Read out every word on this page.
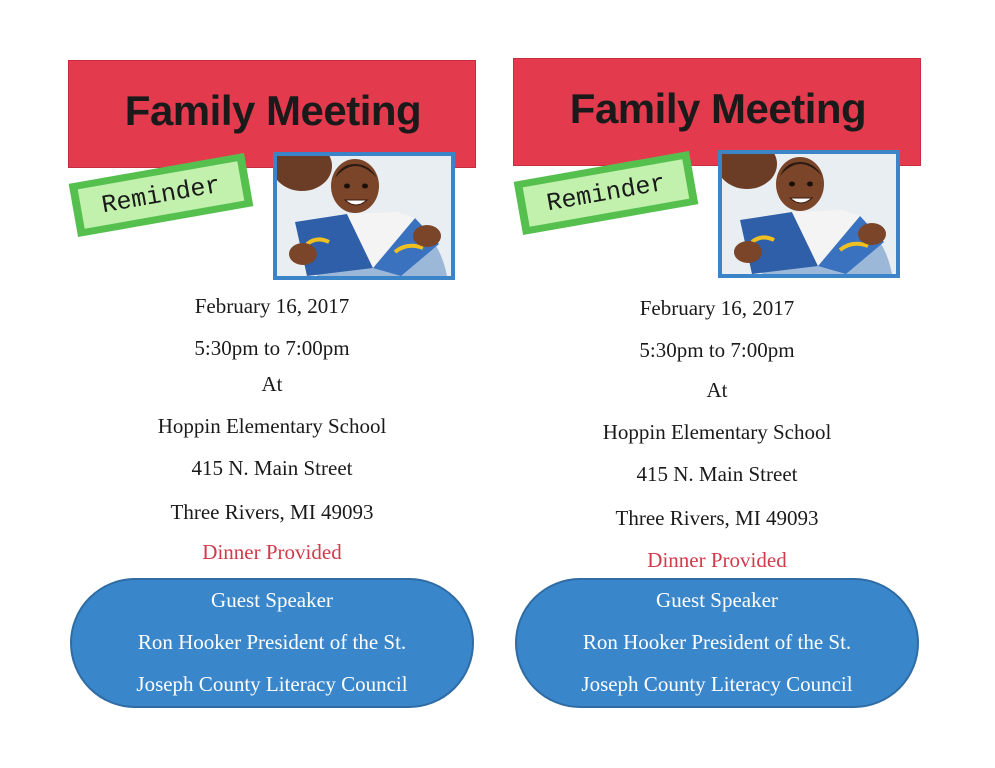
Family Meeting
Reminder
February 16, 2017
5:30pm to 7:00pm
At
Hoppin Elementary School
415 N. Main Street
Three Rivers, MI 49093
Dinner Provided
Guest Speaker
Ron Hooker President of the St.
Joseph County Literacy Council
Family Meeting
Reminder
February 16, 2017
5:30pm to 7:00pm
At
Hoppin Elementary School
415 N. Main Street
Three Rivers, MI 49093
Dinner Provided
Guest Speaker
Ron Hooker President of the St.
Joseph County Literacy Council
